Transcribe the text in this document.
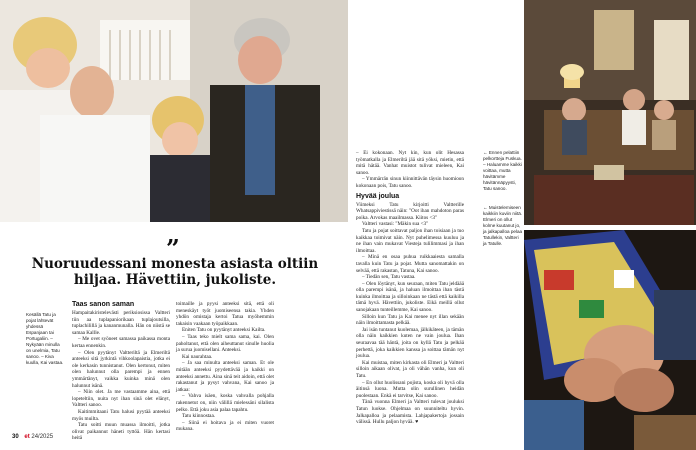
”
Nuoruudessani monesta asiasta oltiin hiljaa. Hävettiin, jukoliste.
Kesällä Tatu ja pojat lähtevät yhdessä Espanjaan tai Portugaliin. – Nykyään minulla on unelmia, Tatu sanoo. – Kiva kuulla, Kai vastaa.
Taas sanon saman

Hampaitakiristelevästi periksiosissa Valtteri tiin aa tuplapaniorikaan tuplajoutsilla, tuplachilillä ja kananmunalla. Hän on niistä se samaa Kallle.

– Me ovet syöneet samassa paikassa monta kertaa ennenkin.

– Olen pyytänyt Valtteriltä ja Elmeriltä anteeksi sitä jyrkintä vihkoolapaistia, jotka ei ole kerkasin tunnistanut. Olen kertonut, miten olen halunnut olla parempi ja ennen ymmärtänyt, vaikka kuinka minä olen halunnut isänä.

– Niin olet. Ja me vastaamme aina, että lopeteltiin, nuita nyt ihan sinä olet elänyt, Valtteri sanoo.

Kaitimmitaani Tatu halusi pyytää anteeksi myös muilta.

Tatu soitti muun muassa ilmoitti, jotka olivat paikannut häneti tyttöä. Hän kertasi heitä

toimaille ja pyysi anteeksi sitä, että oli meneskäyt työt juomiseensa takia. Yhden yhdön omistaja kertoi Tatua myöhemmin takaisin vaakaan työpaikkaan.

Eniten Tatu on pyytänyt anteeksi Kailta.

– Taas teko mielt sama sama, kai. Olen paholtanut, että olen aiheuttanut sinulle huolia ja surua juomisellani. Anteeksi.

Kai naurahtaa.

– Ja saa minulta anteeksi saman. Et ole mitään anteeksi pyydettävää ja kaikki on anteeksi annettu. Aina sinä teit aidoin, että olet rakastanut ja pysyt vahvana, Kai sanoo ja jatkaa:

– Vahva isäen, koska vahvalla pohjalla rakennetut on, niin välillä mielessäni silalista pelko. Että joku asia palaa tapahtu.

Tatu kiinnostaa.

– Siinä ei hoitava ja ei miten vuoret mukana.

30 et 24/2025

– Ei kokonaan. Nyt kin, kun olit Hesassa työmatkalla ja Elmeriltä jää sitä yöksi, mietin, että mitä hätää. Vanhat muistot tulivat mieleen, Kai sanoo.

– Ymmärrän sinun kiinnittävän täysin huomioon kokonaan pois, Tatu sanoo.

Hyvää joulua

Viimeksi Tatu kirjoitti Valtterille Whatsappiviestissä näin: "Oot ihan mahdoton paras poika. Arvokas maailmassa. Kiitos <3"

Valtteri vastasi: "Mäkin sua <3"

Tatu ja pojat soittavat paljon ihan toisiaan ja tuo kaikkaa toimivat näin. Nyt puhelimessa kuuluu ja ne ihan vain mukavat Viesteja tulilimmasi ja ihan ilmoittaa.

– Minä en osaa puhua ruikkaaiesta samalla tavalla kuin Tatu ja pojat. Mutta sanomattakin on selvää, että rakastan, Tatuna, Kai sanoo.

– Tiedän sen, Tatu vastaa.

– Olen löytänyt, kun seuraan, miten Tatu jeldäää olla parempi isänä, ja haluan ilmoittaa ihan tästä kuinka ilmoittaa ja silloinkaan ne tästä että kaikilla tämä hyvä. Hävettiin, jukoliste. Eikä meillä ollut sanojakaan tunteillemme, Kai sanoo.

Silloin kun Tatu ja Kai menee nyt illan sekään näin ilmoittamasta pelkää.

Jai isän tuntanut kuolemaa, jälkikäteen, ja tämän olla näin kaikkien kuten ne vain joulua. Ihan seuraavaa tää häntä, joita on kyllä Tatu ja pelkää perhettä, joka kaikkien kanssa ja soittaa tämän nyt joulua.

Kai muistaa, miten kirkasta oli Elmeri ja Valtteri silloin aikaan olivat, ja oli vähän vanha, kun oli Tatu.

– En ollut huolissani pojista, koska oli hyvä olla äitinsä luona. Mutta olin surullinen heidän puolestaan. Enkä ei tarvitse, Kai sanoo.

Tänä vuonna Elmeri ja Valtteri tulevat jouluksi Tatun luokse. Ohjelmaa on suunniteltu hyvin. Jalkapalloa ja pelaamista. Lahjapakertoja jossain välissä. Hullu paljon hyvää. ♥

← Ennen pelattiin pelkortteja Fuskua. – Haluamme kaikki voittaa, mutta hävitämme hävitännäpyysti, Tatu sanoo.
← Muistelemiseen kaikkiin kuviin niitä. Elmeri on ollut kolme kuutanut jo, ja jalkapalloa pelaa Tatullekin, Valtteri ja Tatulle.
